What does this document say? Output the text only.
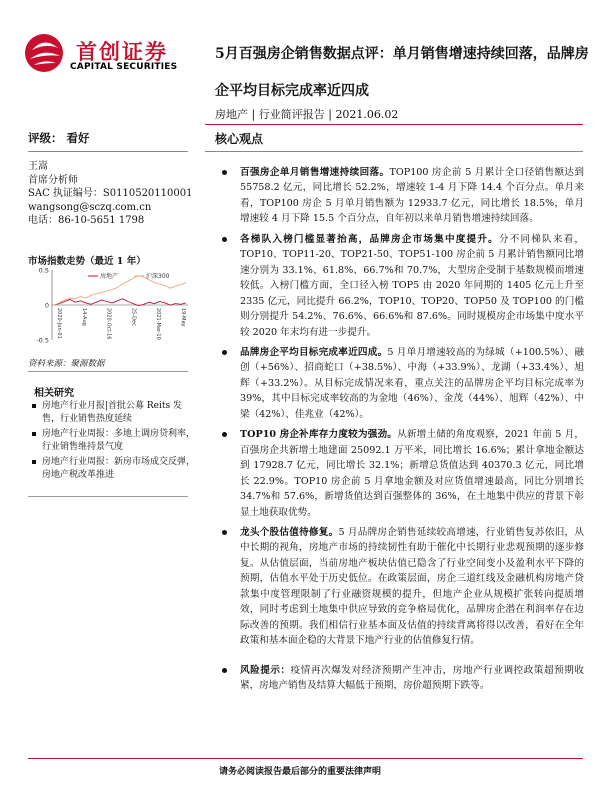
首创证券
CAPITAL SECURITIES
5月百强房企销售数据点评：单月销售增速持续回落，品牌房企平均目标完成率近四成
房地产 | 行业简评报告 | 2021.06.02
评级： 看好	核心观点
王嵩
首席分析师
SAC 执证编号：S0110520110001
wangsong@sczq.com.cn
电话：86-10-5651 1798
市场指数走势（最近 1 年）
0.5
0
-0.5
2020-Jun-01	14-Aug	2020-Oct-16	25-Dec	2021-Mar-10	19-May
房地产	沪深300
资料来源：聚源数据
相关研究
房地产行业月报|首批公募 Reits 发售，行业销售热度延续
房地产行业周报：多地上调房贷利率，行业销售维持景气度
房地产行业周报：新房市场成交反弹，房地产税改革推进
百强房企单月销售增速持续回落。TOP100 房企前 5 月累计全口径销售额达到 55758.2 亿元，同比增长 52.2%，增速较 1-4 月下降 14.4 个百分点。单月来看，TOP100 房企 5 月单月销售额为 12933.7 亿元，同比增长 18.5%，单月增速较 4 月下降 15.5 个百分点，自年初以来单月销售增速持续回落。
各梯队入榜门槛显著抬高，品牌房企市场集中度提升。分不同梯队来看，TOP10、TOP11-20、TOP21-50、TOP51-100 房企前 5 月累计销售额同比增速分别为 33.1%、61.8%、66.7%和 70.7%，大型房企受制于基数规模而增速较低。入榜门槛方面，全口径入榜 TOP5 由 2020 年同期的 1405 亿元上升至 2335 亿元，同比提升 66.2%，TOP10、TOP20、TOP50 及 TOP100 的门槛则分别提升 54.2%、76.6%、66.6%和 87.6%。同时规模房企市场集中度水平较 2020 年末均有进一步提升。
品牌房企平均目标完成率近四成。5 月单月增速较高的为绿城（+100.5%）、融创（+56%）、招商蛇口（+38.5%）、中海（+33.9%）、龙湖（+33.4%）、旭辉（+33.2%）。从目标完成情况来看，重点关注的品牌房企平均目标完成率为 39%，其中目标完成率较高的为金地（46%）、金茂（44%）、旭辉（42%）、中梁（42%）、佳兆业（42%）。
TOP10 房企补库存力度较为强劲。从新增土储的角度观察，2021 年前 5 月，百强房企共新增土地建面 25092.1 万平米，同比增长 16.6%；累计拿地金额达到 17928.7 亿元，同比增长 32.1%；新增总货值达到 40370.3 亿元，同比增长 22.9%。TOP10 房企前 5 月拿地金额及对应货值增速最高，同比分别增长 34.7%和 57.6%，新增货值达到百强整体的 36%，在土地集中供应的背景下彰显土地获取优势。
龙头个股估值待修复。5 月品牌房企销售延续较高增速，行业销售复苏依旧，从中长期的视角，房地产市场的持续韧性有助于催化中长期行业悲观预期的逐步修复。从估值层面，当前房地产板块估值已隐含了行业空间变小及盈利水平下降的预期，估值水平处于历史低位。在政策层面，房企三道红线及金融机构房地产贷款集中度管理限制了行业融资规模的提升，但地产企业从规模扩张转向提质增效，同时考虑到土地集中供应导致的竞争格局优化，品牌房企潜在利润率存在边际改善的预期。我们相信行业基本面及估值的持续背离将得以改善，看好在全年政策和基本面企稳的大背景下地产行业的估值修复行情。
风险提示：疫情再次爆发对经济预期产生冲击，房地产行业调控政策超预期收紧，房地产销售及结算大幅低于预期，房价超预期下跌等。
请务必阅读报告最后部分的重要法律声明
